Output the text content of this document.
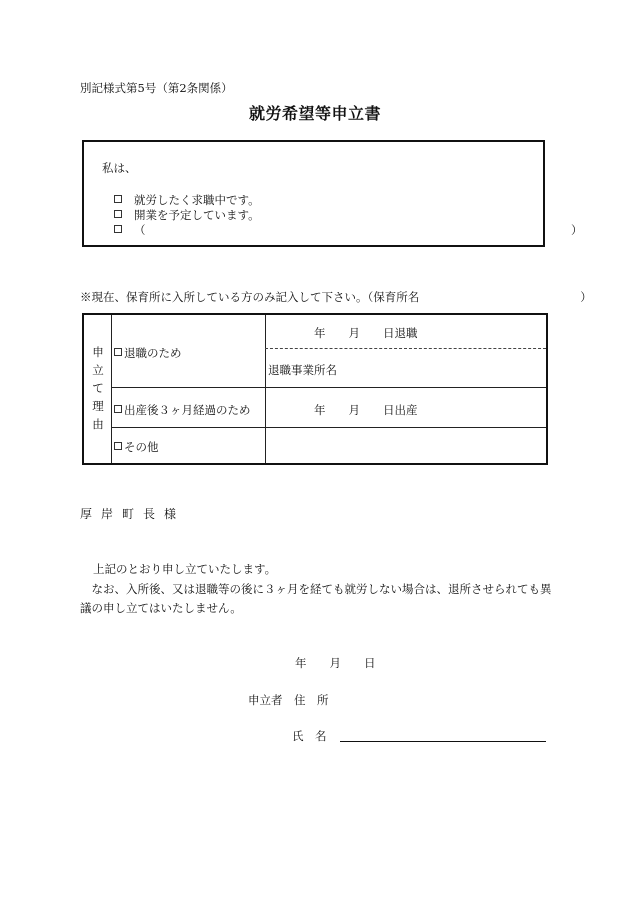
別記様式第5号（第2条関係）
就労希望等申立書
私は、
就労したく求職中です。
開業を予定しています。
（　　　　　　　　　　　　　　　　　　　　　　　　　　　　　　　　　　　　　）
※現在、保育所に入所している方のみ記入して下さい。（保育所名　　　　　　　　　　　　　　）
申
立
て
理
由
退職のため
年　　月　　日退職
退職事業所名
出産後３ヶ月経過のため	年　　月　　日出産
その他
厚岸町長様
上記のとおり申し立ていたします。
　なお、入所後、又は退職等の後に３ヶ月を経ても就労しない場合は、退所させられても異議の申し立てはいたしません。
年　　月　　日
申立者　住　所
氏　名
